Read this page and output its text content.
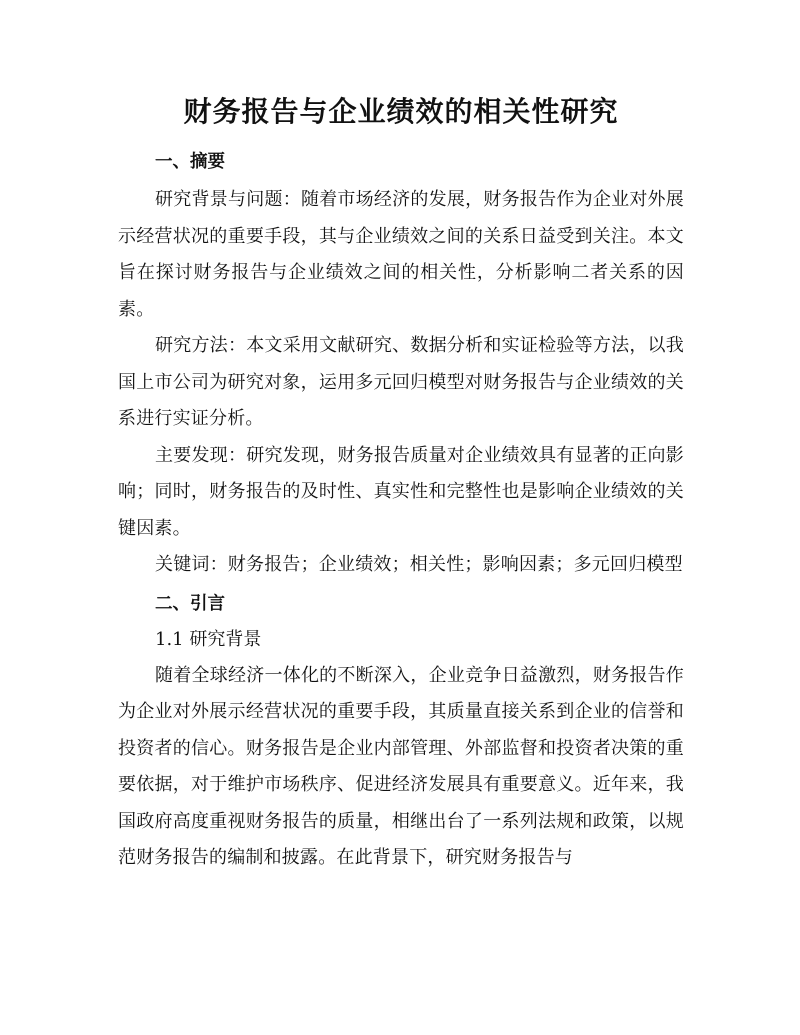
财务报告与企业绩效的相关性研究
一、摘要

研究背景与问题：随着市场经济的发展，财务报告作为企业对外展示经营状况的重要手段，其与企业绩效之间的关系日益受到关注。本文旨在探讨财务报告与企业绩效之间的相关性，分析影响二者关系的因素。

研究方法：本文采用文献研究、数据分析和实证检验等方法，以我国上市公司为研究对象，运用多元回归模型对财务报告与企业绩效的关系进行实证分析。

主要发现：研究发现，财务报告质量对企业绩效具有显著的正向影响；同时，财务报告的及时性、真实性和完整性也是影响企业绩效的关键因素。

关键词：财务报告；企业绩效；相关性；影响因素；多元回归模型

二、引言

1.1 研究背景

随着全球经济一体化的不断深入，企业竞争日益激烈，财务报告作为企业对外展示经营状况的重要手段，其质量直接关系到企业的信誉和投资者的信心。财务报告是企业内部管理、外部监督和投资者决策的重要依据，对于维护市场秩序、促进经济发展具有重要意义。近年来，我国政府高度重视财务报告的质量，相继出台了一系列法规和政策，以规范财务报告的编制和披露。在此背景下，研究财务报告与
